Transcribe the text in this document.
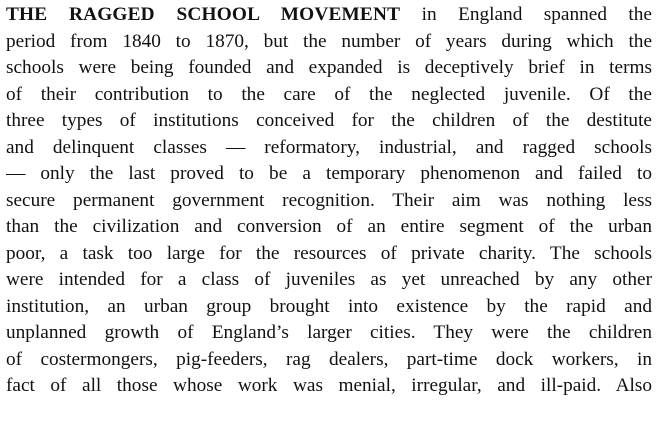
THE RAGGED SCHOOL MOVEMENT in England spanned the
period from 1840 to 1870, but the number of years during which the
schools were being founded and expanded is deceptively brief in terms
of their contribution to the care of the neglected juvenile. Of the
three types of institutions conceived for the children of the destitute
and delinquent classes — reformatory, industrial, and ragged schools
— only the last proved to be a temporary phenomenon and failed to
secure permanent government recognition. Their aim was nothing less
than the civilization and conversion of an entire segment of the urban
poor, a task too large for the resources of private charity. The schools
were intended for a class of juveniles as yet unreached by any other
institution, an urban group brought into existence by the rapid and
unplanned growth of England’s larger cities. They were the children
of costermongers, pig-feeders, rag dealers, part-time dock workers, in
fact of all those whose work was menial, irregular, and ill-paid. Also
